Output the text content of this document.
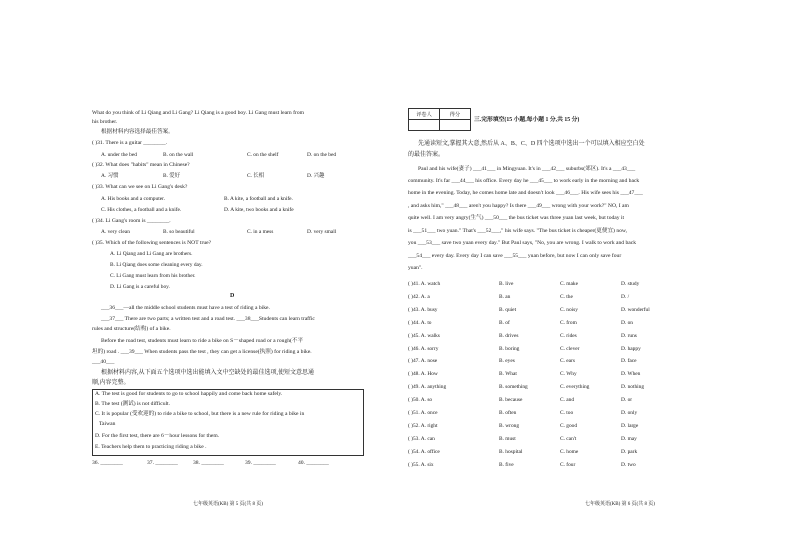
What do you think of Li Qiang and Li Gang? Li Qiang is a good boy. Li Gang must learn from
his brother.
根据材料内容选择最佳答案。
( )31. There is a guitar ________.
A. under the bed	B. on the wall	C. on the shelf	D. on the bed
( )32. What does "habits" mean in Chinese?
A. 习惯	B. 爱好	C. 长相	D. 兴趣
( )33. What can we see on Li Gang's desk?
A. His books and a computer.	B. A kite, a football and a knife.
C. His clothes, a football and a knife.	D. A kite, two books and a knife
( )34. Li Gang's room is ________.
A. very clean	B. so beautiful	C. in a mess	D. very small
( )35. Which of the following sentences is NOT true?
A. Li Qiang and Li Gang are brothers.
B. Li Qiang does some cleaning every day.
C. Li Gang must learn from his brother.
D. Li Gang is a careful boy.
D
___36___—all the middle school students must have a test of riding a bike.
___37___ There are two parts; a written test and a road test. ___38___Students can learn traffic
rules and structure(结构) of a bike.
Before the road test, students must learn to ride a bike on S－shaped road or a rough(不平
坦的) road . ___39___ When students pass the test , they can get a license(执照) for riding a bike.
___40___
根据材料内容,从下面五个选项中选出能填入文中空缺处的最佳选项,使短文意思通
顺,内容完整。
A. The test is good for students to go to school happily and come back home safely.
B. The test (测试) is not difficult.
C. It is popular (受欢迎的) to ride a bike to school, but there is a new rule for riding a bike in
Taiwan
D. For the first test, there are 6－hour lessons for them.
E. Teachers help them to practicing riding a bike .
36. ________	37. ________	38. ________	39. ________	40. ________
七年级英语(KB) 第 5 页(共 8 页)
评卷人	得分

三.完形填空(15 小题,每小题 1 分,共 15 分)
先通读短文,掌握其大意,然后从 A、B、C、D 四个选项中选出一个可以填入相应空白处
的最佳答案。
Paul and his wife(妻子) ___41___ in Mingyuan. It's in ___42___ suburbs(郊区). It's a ___43___
community. It's far ___44___ his office. Every day he ___45___ to work early in the morning and back
home in the evening. Today, he comes home late and doesn't look ___46___. His wife sees his ___47___
, and asks him," ___48___ aren't you happy? Is there ___49___ wrong with your work?" NO, I am
quite well. I am very angry(生气) ___50___ the bus ticket was three yuan last week, but today it
is ___51___ two yuan." That's ___52___," his wife says. "The bus ticket is cheaper(更便宜) now,
you ___53___ save two yuan every day." But Paul says, "No, you are wrong. I walk to work and back
___54___ every day. Every day I can save ___55___ yuan before, but now I can only save four
yuan".
( )41. A. watch	B. live	C. make	D. study
( )42. A. a	B. an	C. the	D. /
( )43. A. busy	B. quiet	C. noisy	D. wonderful
( )44. A. to	B. of	C. from	D. on
( )45. A. walks	B. drives	C. rides	D. runs
( )46. A. sorry	B. boring	C. clever	D. happy
( )47. A. nose	B. eyes	C. ears	D. face
( )48. A. How	B. What	C. Why	D. When
( )49. A. anything	B. something	C. everything	D. nothing
( )50. A. so	B. because	C. and	D. or
( )51. A. once	B. often	C. too	D. only
( )52. A. right	B. wrong	C. good	D. large
( )53. A. can	B. must	C. can't	D. may
( )54. A. office	B. hospital	C. home	D. park
( )55. A. six	B. five	C. four	D. two
七年级英语(KB) 第 6 页(共 8 页)
